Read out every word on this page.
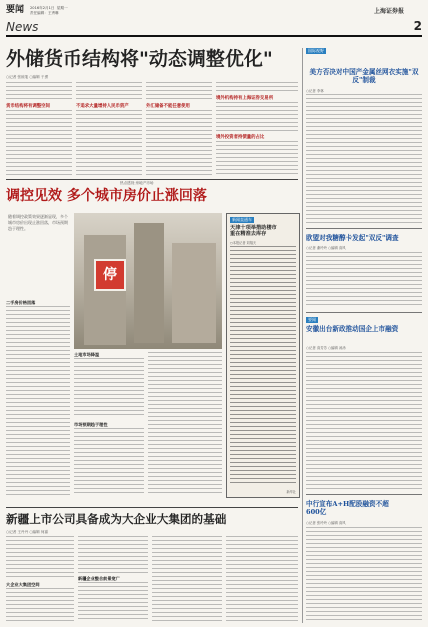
要闻 2016年2月1日  星期一
责任编辑：王秀琳
News
上海证券报
2
外储货币结构将"动态调整优化"
○记者 张琼斐 ○编辑 于勇
货币结构将有调整空间	不追求大量增持人民币资产	外汇储备不能任意使用
境外机构持有上海证券交易所
境外投资者持债量的占比
国际视野
美方否决对中国产金属丝网衣实施"双反"制裁
○记者 李林
欧盟对我糖醇卡发起"双反"调查
○记者 谢玲玲 ○编辑 高风
要闻
安徽出台新政推动国企上市融资
○记者 高芳芳 ○编辑 汤汤
中行宣布A+H配股融资不超600亿
○记者 张玲玲 ○编辑 高风
热点透视·房地产市场
调控见效 多个城市房价止涨回落
随着调控政策效果逐渐显现，多个城市房价出现止涨回落，市场预期趋于理性。
停
二手房价格回落
土地市场降温
市场预期趋于理性
新闻直通车
天津十项举措助楼市
重在精准去库存
○本报记者 刘翔天
新华社
新疆上市公司具备成为大企业大集团的基础
○记者 王丹丹 ○编辑 何嘉
大企业大集团空间
新疆企业整合前景宽广
